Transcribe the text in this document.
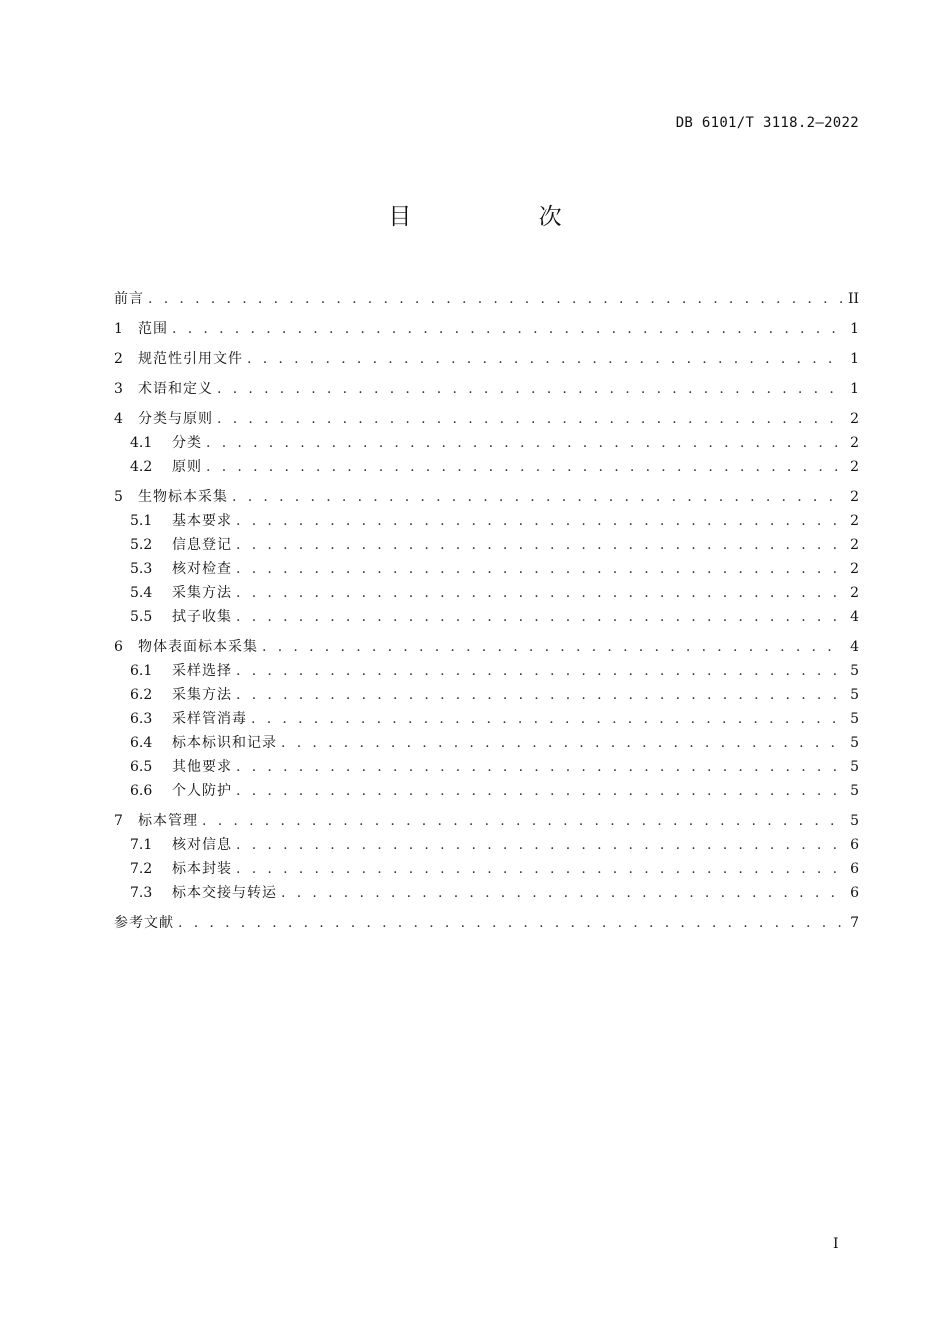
DB 6101/T 3118.2—2022
目 次
前言 . . .	II
1	范围 . . .	1
2	规范性引用文件 . . .	1
3	术语和定义 . . .	1
4	分类与原则 . . .	2
4.1	分类 . . .	2
4.2	原则 . . .	2
5	生物标本采集 . . .	2
5.1	基本要求 . . .	2
5.2	信息登记 . . .	2
5.3	核对检查 . . .	2
5.4	采集方法 . . .	2
5.5	拭子收集 . . .	4
6	物体表面标本采集 . . .	4
6.1	采样选择 . . .	5
6.2	采集方法 . . .	5
6.3	采样管消毒 . . .	5
6.4	标本标识和记录 . . .	5
6.5	其他要求 . . .	5
6.6	个人防护 . . .	5
7	标本管理 . . .	5
7.1	核对信息 . . .	6
7.2	标本封装 . . .	6
7.3	标本交接与转运 . . .	6
参考文献 . . .	7
I
